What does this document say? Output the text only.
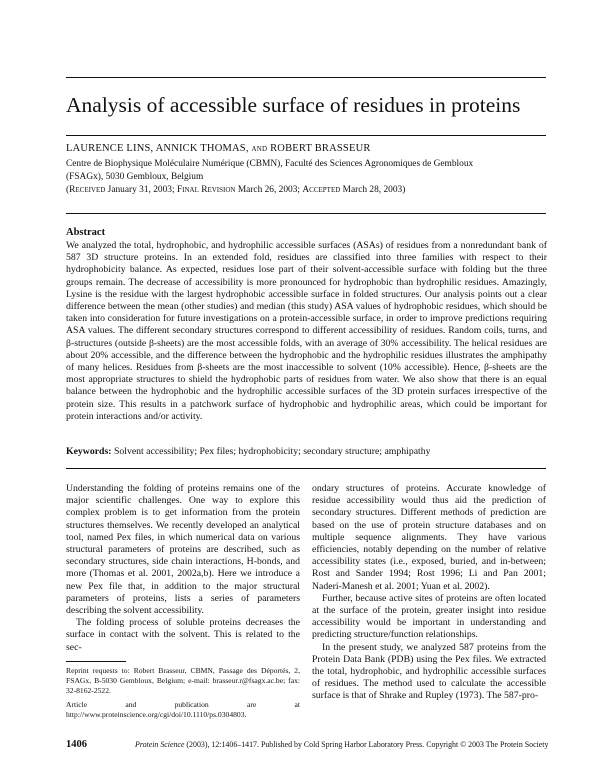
Analysis of accessible surface of residues in proteins
LAURENCE LINS, ANNICK THOMAS, and ROBERT BRASSEUR
Centre de Biophysique Moléculaire Numérique (CBMN), Faculté des Sciences Agronomiques de Gembloux
(FSAGx), 5030 Gembloux, Belgium
(Received January 31, 2003; Final Revision March 26, 2003; Accepted March 28, 2003)
Abstract
We analyzed the total, hydrophobic, and hydrophilic accessible surfaces (ASAs) of residues from a nonredundant bank of 587 3D structure proteins. In an extended fold, residues are classified into three families with respect to their hydrophobicity balance. As expected, residues lose part of their solvent-accessible surface with folding but the three groups remain. The decrease of accessibility is more pronounced for hydrophobic than hydrophilic residues. Amazingly, Lysine is the residue with the largest hydrophobic accessible surface in folded structures. Our analysis points out a clear difference between the mean (other studies) and median (this study) ASA values of hydrophobic residues, which should be taken into consideration for future investigations on a protein-accessible surface, in order to improve predictions requiring ASA values. The different secondary structures correspond to different accessibility of residues. Random coils, turns, and β-structures (outside β-sheets) are the most accessible folds, with an average of 30% accessibility. The helical residues are about 20% accessible, and the difference between the hydrophobic and the hydrophilic residues illustrates the amphipathy of many helices. Residues from β-sheets are the most inaccessible to solvent (10% accessible). Hence, β-sheets are the most appropriate structures to shield the hydrophobic parts of residues from water. We also show that there is an equal balance between the hydrophobic and the hydrophilic accessible surfaces of the 3D protein surfaces irrespective of the protein size. This results in a patchwork surface of hydrophobic and hydrophilic areas, which could be important for protein interactions and/or activity.
Keywords: Solvent accessibility; Pex files; hydrophobicity; secondary structure; amphipathy

Understanding the folding of proteins remains one of the major scientific challenges. One way to explore this complex problem is to get information from the protein structures themselves. We recently developed an analytical tool, named Pex files, in which numerical data on various structural parameters of proteins are described, such as secondary structures, side chain interactions, H-bonds, and more (Thomas et al. 2001, 2002a,b). Here we introduce a new Pex file that, in addition to the major structural parameters of proteins, lists a series of parameters describing the solvent accessibility.

The folding process of soluble proteins decreases the surface in contact with the solvent. This is related to the sec-

ondary structures of proteins. Accurate knowledge of residue accessibility would thus aid the prediction of secondary structures. Different methods of prediction are based on the use of protein structure databases and on multiple sequence alignments. They have various efficiencies, notably depending on the number of relative accessibility states (i.e., exposed, buried, and in-between; Rost and Sander 1994; Rost 1996; Li and Pan 2001; Naderi-Manesh et al. 2001; Yuan et al. 2002).

Further, because active sites of proteins are often located at the surface of the protein, greater insight into residue accessibility would be important in understanding and predicting structure/function relationships.

In the present study, we analyzed 587 proteins from the Protein Data Bank (PDB) using the Pex files. We extracted the total, hydrophobic, and hydrophilic accessible surfaces of residues. The method used to calculate the accessible surface is that of Shrake and Rupley (1973). The 587-pro-

Reprint requests to: Robert Brasseur, CBMN, Passage des Déportés, 2, FSAGx, B-5030 Gembloux, Belgium; e-mail: brasseur.r@fsagx.ac.be; fax: 32-8162-2522.

Article and publication are at http://www.proteinscience.org/cgi/doi/10.1110/ps.0304803.

1406	Protein Science (2003), 12:1406–1417. Published by Cold Spring Harbor Laboratory Press. Copyright © 2003 The Protein Society
